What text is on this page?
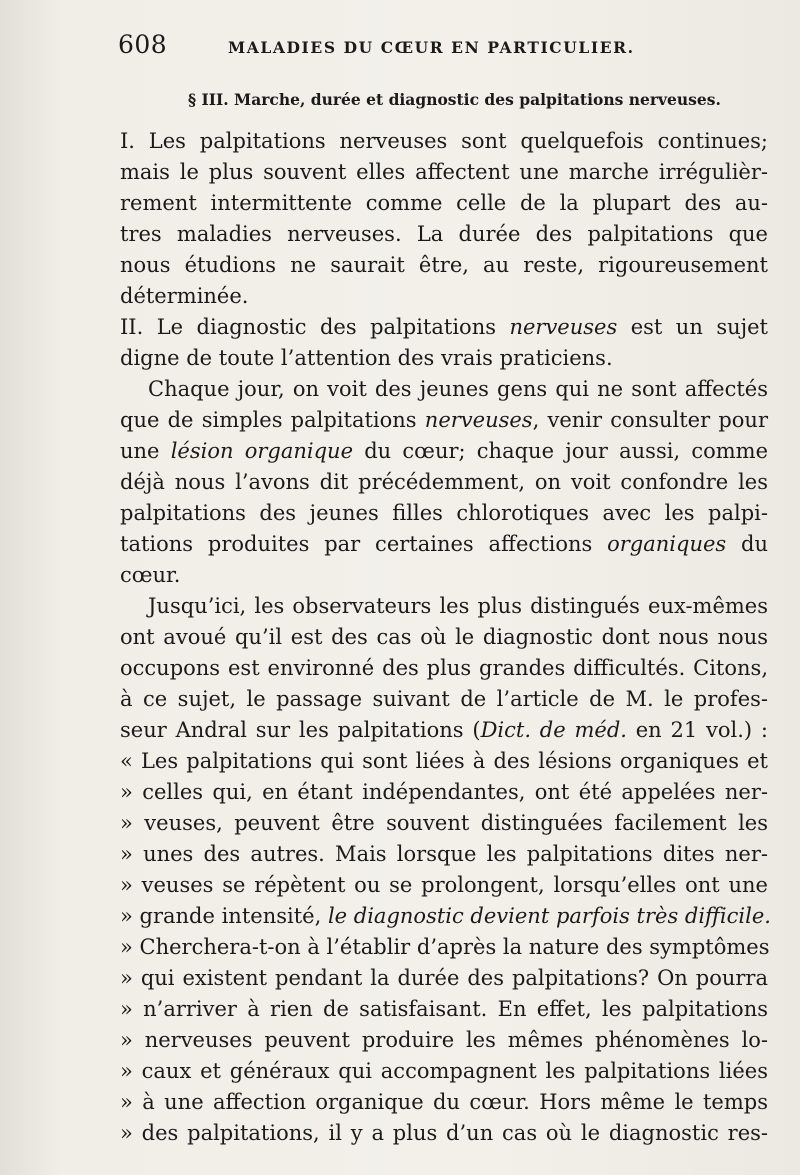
608	MALADIES DU CŒUR EN PARTICULIER.
§ III. Marche, durée et diagnostic des palpitations nerveuses.
I. Les palpitations nerveuses sont quelquefois continues;
mais le plus souvent elles affectent une marche irrégulièr-
rement intermittente comme celle de la plupart des au-
tres maladies nerveuses. La durée des palpitations que
nous étudions ne saurait être, au reste, rigoureusement
déterminée.
II. Le diagnostic des palpitations nerveuses est un sujet
digne de toute l’attention des vrais praticiens.
Chaque jour, on voit des jeunes gens qui ne sont affectés
que de simples palpitations nerveuses, venir consulter pour
une lésion organique du cœur; chaque jour aussi, comme
déjà nous l’avons dit précédemment, on voit confondre les
palpitations des jeunes filles chlorotiques avec les palpi-
tations produites par certaines affections organiques du
cœur.
Jusqu’ici, les observateurs les plus distingués eux-mêmes
ont avoué qu’il est des cas où le diagnostic dont nous nous
occupons est environné des plus grandes difficultés. Citons,
à ce sujet, le passage suivant de l’article de M. le profes-
seur Andral sur les palpitations (Dict. de méd. en 21 vol.) :
« Les palpitations qui sont liées à des lésions organiques et
» celles qui, en étant indépendantes, ont été appelées ner-
» veuses, peuvent être souvent distinguées facilement les
» unes des autres. Mais lorsque les palpitations dites ner-
» veuses se répètent ou se prolongent, lorsqu’elles ont une
» grande intensité, le diagnostic devient parfois très difficile.
» Cherchera-t-on à l’établir d’après la nature des symptômes
» qui existent pendant la durée des palpitations? On pourra
» n’arriver à rien de satisfaisant. En effet, les palpitations
» nerveuses peuvent produire les mêmes phénomènes lo-
» caux et généraux qui accompagnent les palpitations liées
» à une affection organique du cœur. Hors même le temps
» des palpitations, il y a plus d’un cas où le diagnostic res-
